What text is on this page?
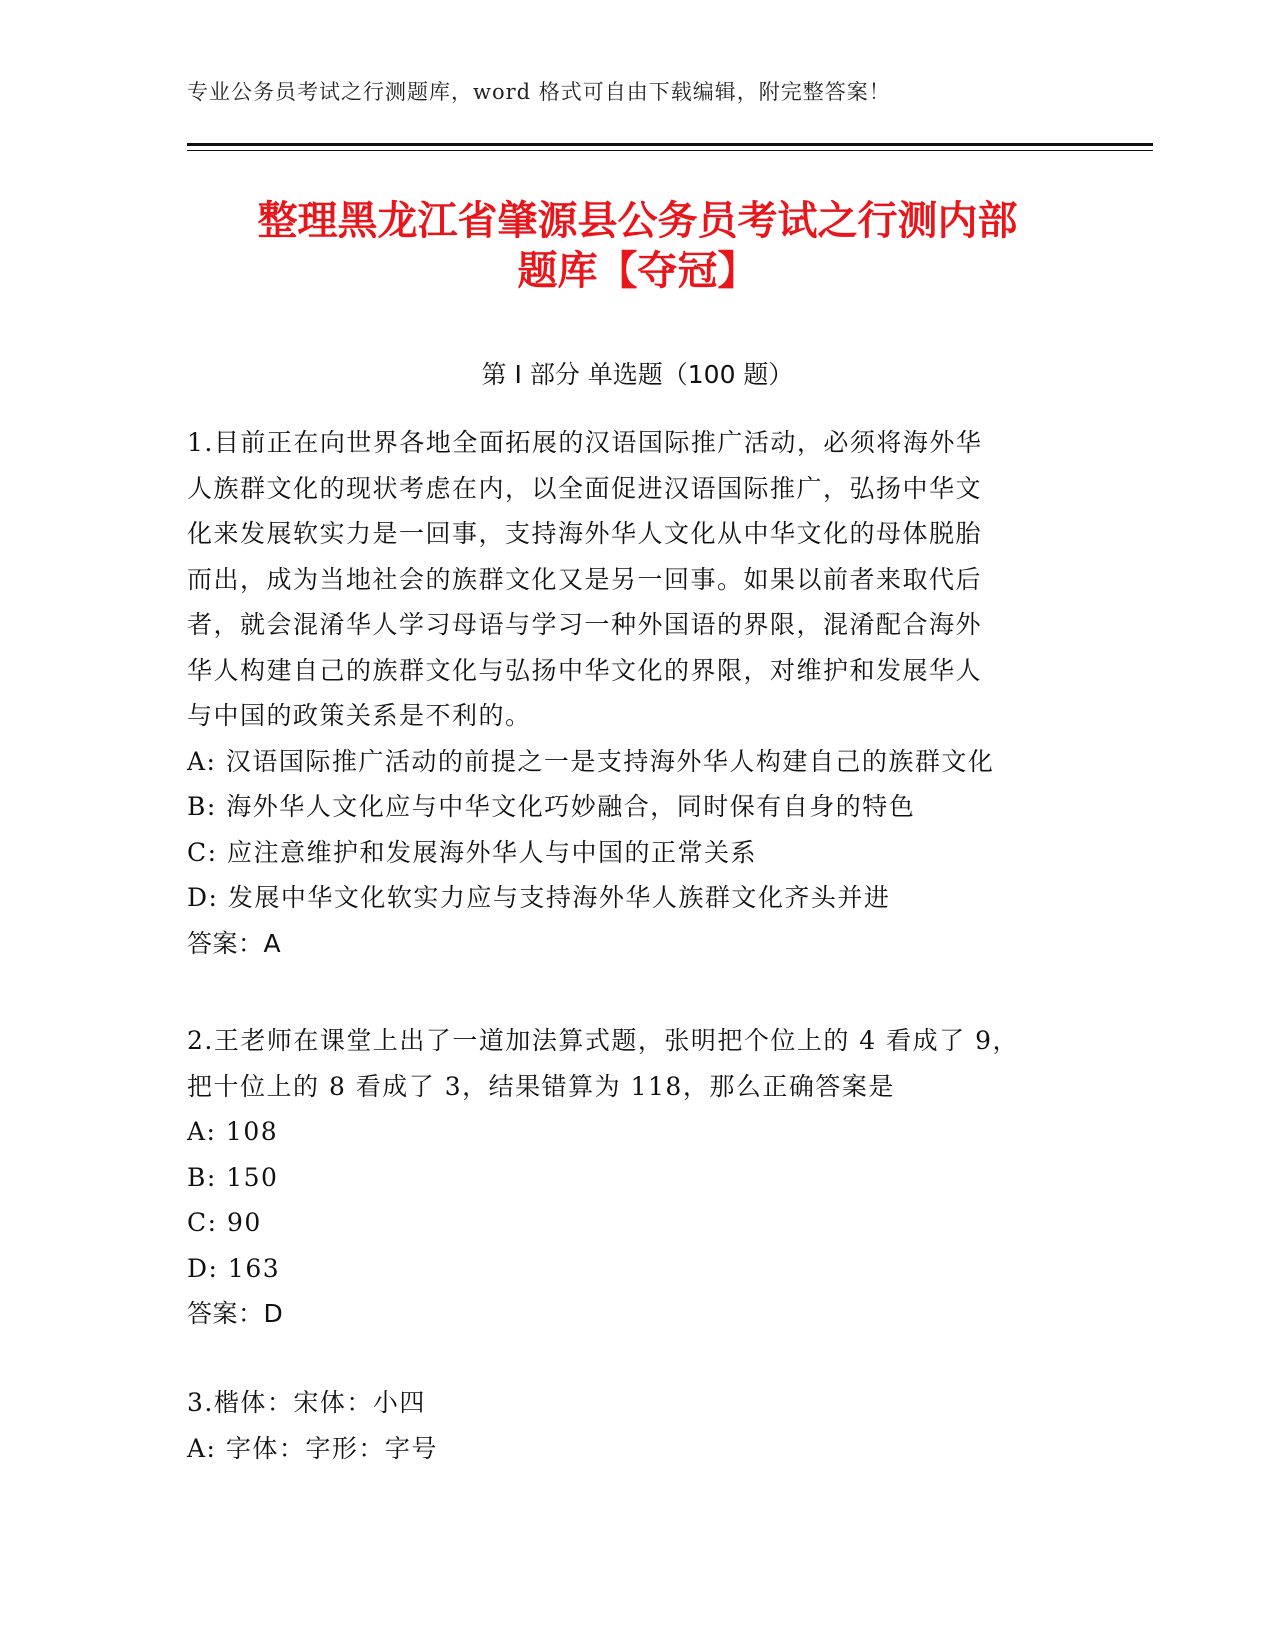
专业公务员考试之行测题库，word 格式可自由下载编辑，附完整答案！
整理黑龙江省肇源县公务员考试之行测内部
题库【夺冠】
第 I 部分 单选题（100 题）
1.目前正在向世界各地全面拓展的汉语国际推广活动，必须将海外华
人族群文化的现状考虑在内，以全面促进汉语国际推广，弘扬中华文
化来发展软实力是一回事，支持海外华人文化从中华文化的母体脱胎
而出，成为当地社会的族群文化又是另一回事。如果以前者来取代后
者，就会混淆华人学习母语与学习一种外国语的界限，混淆配合海外
华人构建自己的族群文化与弘扬中华文化的界限，对维护和发展华人
与中国的政策关系是不利的。
A: 汉语国际推广活动的前提之一是支持海外华人构建自己的族群文化
B: 海外华人文化应与中华文化巧妙融合，同时保有自身的特色
C: 应注意维护和发展海外华人与中国的正常关系
D: 发展中华文化软实力应与支持海外华人族群文化齐头并进
答案：A
2.王老师在课堂上出了一道加法算式题，张明把个位上的 4 看成了 9，
把十位上的 8 看成了 3，结果错算为 118，那么正确答案是
A: 108
B: 150
C: 90
D: 163
答案：D
3.楷体：宋体：小四
A: 字体：字形：字号
